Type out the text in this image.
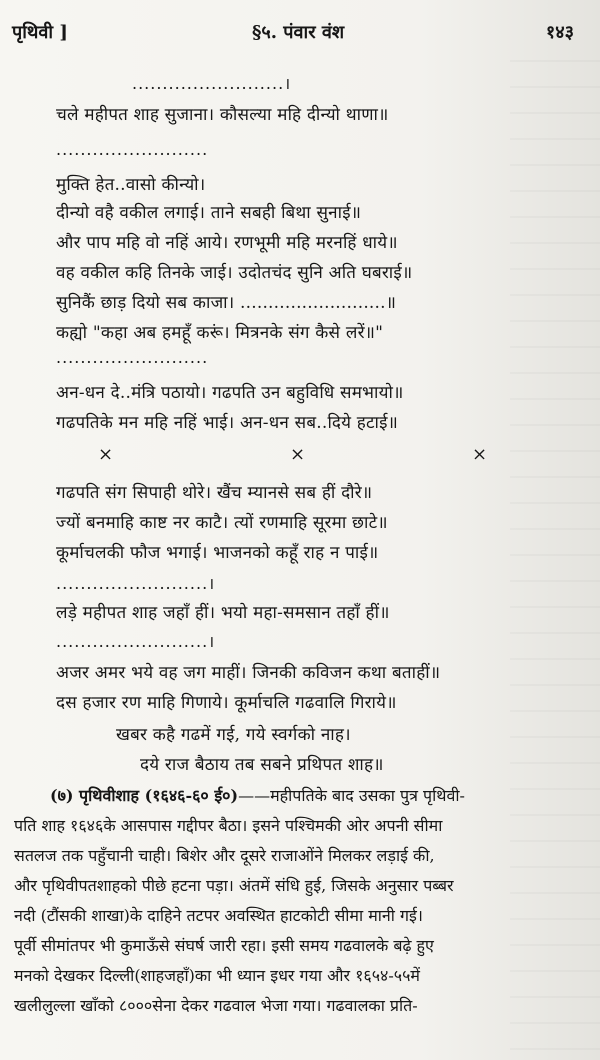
पृथिवी ]	§५. पंवार वंश	१४३
.........................।
चले महीपत शाह सुजाना। कौसल्या महि दीन्यो थाणा॥
.........................
मुक्ति हेत..वासो कीन्यो।
दीन्यो वहै वकील लगाई। ताने सबही बिथा सुनाई॥
और पाप महि वो नहिं आये। रणभूमी महि मरनहिं धाये॥
वह वकील कहि तिनके जाई। उदोतचंद सुनि अति घबराई॥
सुनिकैं छाड़ दियो सब काजा। ..........................॥
कह्यो "कहा अब हमहूँ करूं। मित्रनके संग कैसे लरें॥"
.........................
अन-धन दे..मंत्रि पठायो। गढपति उन बहुविधि समभायो॥
गढपतिके मन महि नहिं भाई। अन-धन सब..दिये हटाई॥
×	×	×
गढपति संग सिपाही थोरे। खैंच म्यानसे सब हीं दौरे॥
ज्यों बनमाहि काष्ट नर काटै। त्यों रणमाहि सूरमा छाटे॥
कूर्माचलकी फौज भगाई। भाजनको कहूँ राह न पाई॥
.........................।
लड़े महीपत शाह जहाँ हीं। भयो महा-समसान तहाँ हीं॥
.........................।
अजर अमर भये वह जग माहीं। जिनकी कविजन कथा बताहीं॥
दस हजार रण माहि गिणाये। कूर्माचलि गढवालि गिराये॥
खबर कहै गढमें गई, गये स्वर्गको नाह।
दये राज बैठाय तब सबने प्रथिपत शाह॥
(७) पृथिवीशाह (१६४६-६० ई०)——महीपतिके बाद उसका पुत्र पृथिवी-
पति शाह १६४६के आसपास गद्दीपर बैठा। इसने पश्चिमकी ओर अपनी सीमा
सतलज तक पहुँचानी चाही। बिशेर और दूसरे राजाओंने मिलकर लड़ाई की,
और पृथिवीपतशाहको पीछे हटना पड़ा। अंतमें संधि हुई, जिसके अनुसार पब्बर
नदी (टौंसकी शाखा)के दाहिने तटपर अवस्थित हाटकोटी सीमा मानी गई।
पूर्वी सीमांतपर भी कुमाऊँसे संघर्ष जारी रहा। इसी समय गढवालके बढ़े हुए
मनको देखकर दिल्ली(शाहजहाँ)का भी ध्यान इधर गया और १६५४-५५में
खलीलुल्ला खाँको ८०००सेना देकर गढवाल भेजा गया। गढवालका प्रति-
